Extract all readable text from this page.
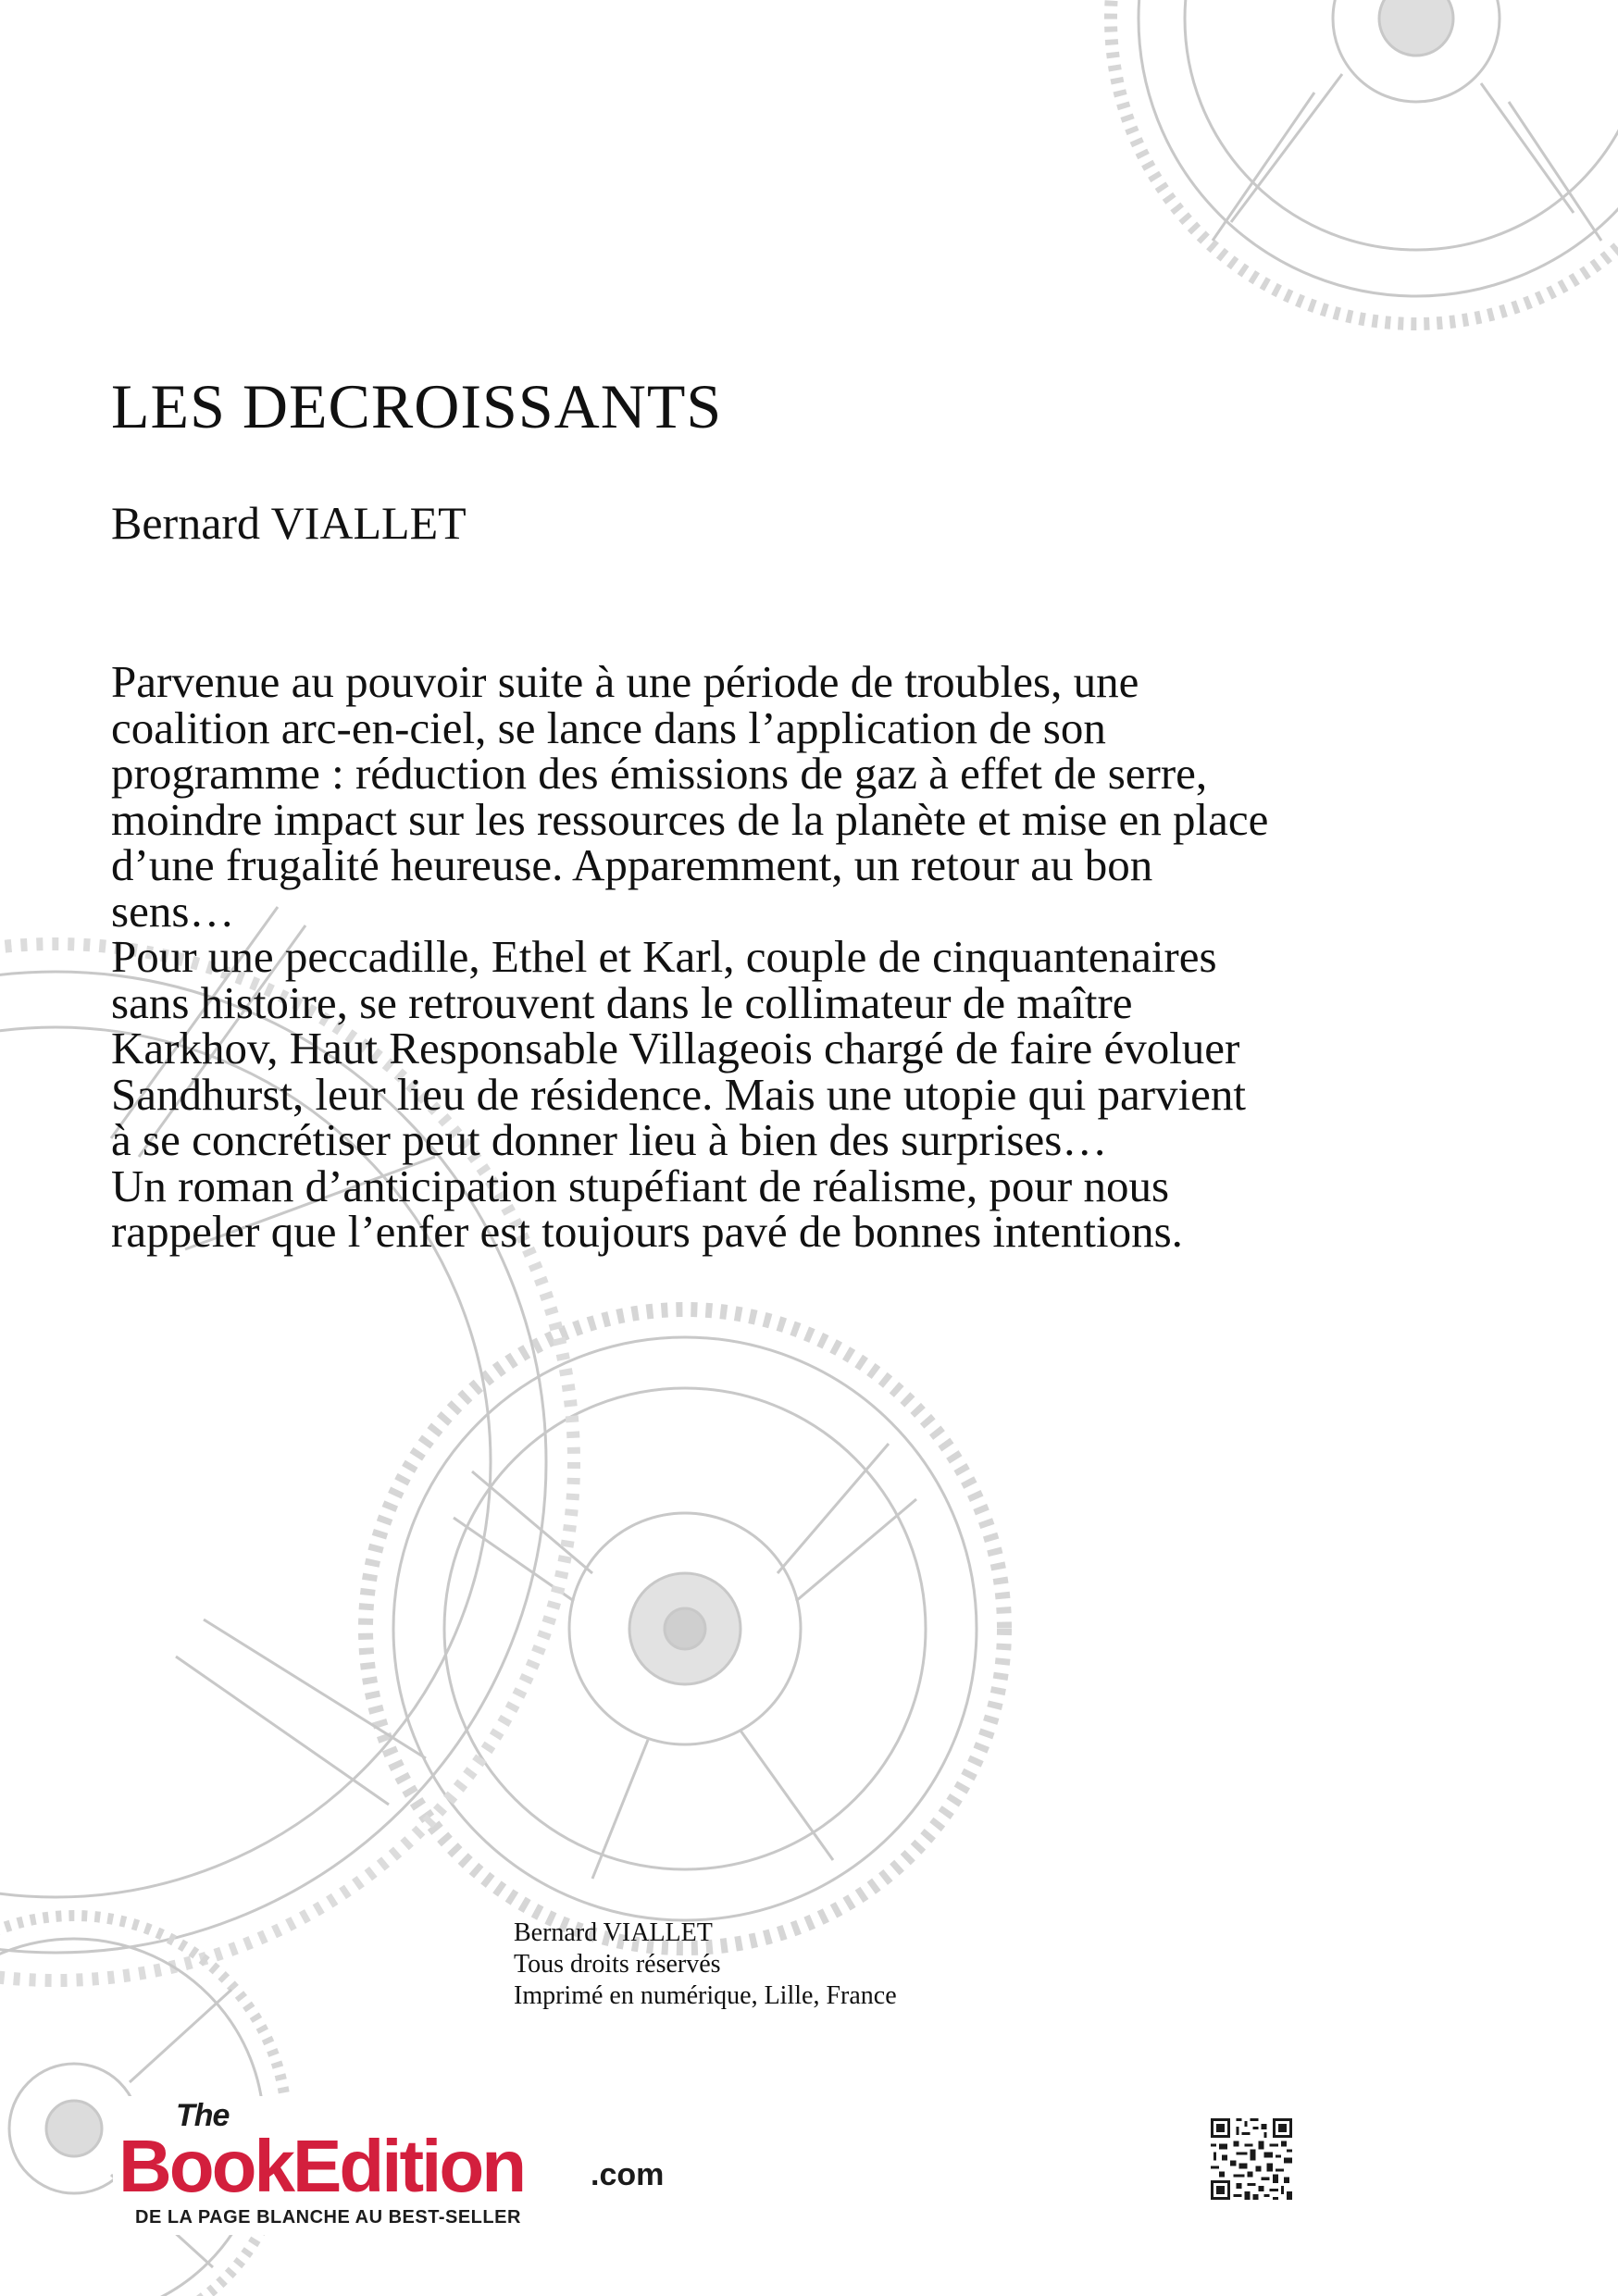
LES DECROISSANTS
Bernard VIALLET

Parvenue au pouvoir suite à une période de troubles, une coalition arc-en-ciel, se lance dans l’application de son programme : réduction des émissions de gaz à effet de serre, moindre impact sur les ressources de la planète et mise en place d’une frugalité heureuse. Apparemment, un retour au bon sens…

Pour une peccadille, Ethel et Karl, couple de cinquantenaires sans histoire, se retrouvent dans le collimateur de maître Karkhov, Haut Responsable Villageois chargé de faire évoluer Sandhurst, leur lieu de résidence. Mais une utopie qui parvient à se concrétiser peut donner lieu à bien des surprises…

Un roman d’anticipation stupéfiant de réalisme, pour nous rappeler que l’enfer est toujours pavé de bonnes intentions.

Bernard VIALLET
Tous droits réservés
Imprimé en numérique, Lille, France
The
BookEdition .com
DE LA PAGE BLANCHE AU BEST-SELLER
